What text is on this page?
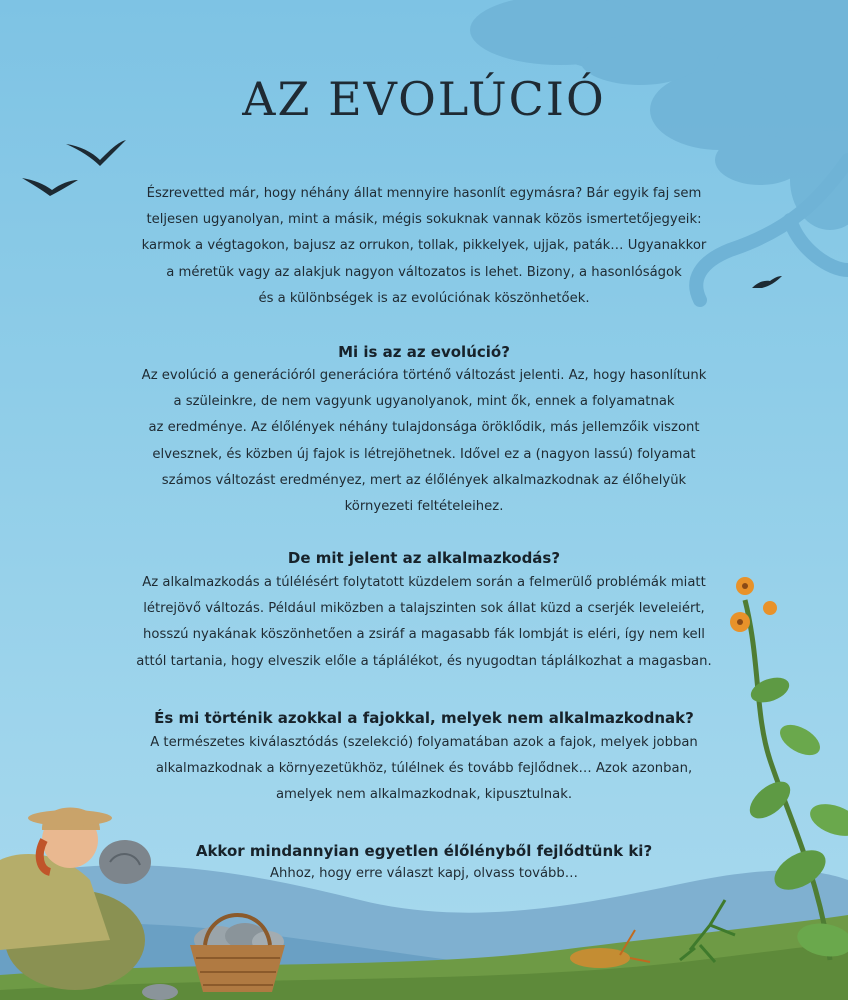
AZ EVOLÚCIÓ

Észrevetted már, hogy néhány állat mennyire hasonlít egymásra? Bár egyik faj sem
teljesen ugyanolyan, mint a másik, mégis sokuknak vannak közös ismertetőjegyeik:
karmok a végtagokon, bajusz az orrukon, tollak, pikkelyek, ujjak, paták… Ugyanakkor
a méretük vagy az alakjuk nagyon változatos is lehet. Bizony, a hasonlóságok
és a különbségek is az evolúciónak köszönhetőek.

Mi is az az evolúció?

Az evolúció a generációról generációra történő változást jelenti. Az, hogy hasonlítunk
a szüleinkre, de nem vagyunk ugyanolyanok, mint ők, ennek a folyamatnak
az eredménye. Az élőlények néhány tulajdonsága öröklődik, más jellemzőik viszont
elvesznek, és közben új fajok is létrejöhetnek. Idővel ez a (nagyon lassú) folyamat
számos változást eredményez, mert az élőlények alkalmazkodnak az élőhelyük
környezeti feltételeihez.

De mit jelent az alkalmazkodás?

Az alkalmazkodás a túlélésért folytatott küzdelem során a felmerülő problémák miatt
létrejövő változás. Például miközben a talajszinten sok állat küzd a cserjék leveleiért,
hosszú nyakának köszönhetően a zsiráf a magasabb fák lombját is eléri, így nem kell
attól tartania, hogy elveszik előle a táplálékot, és nyugodtan táplálkozhat a magasban.

És mi történik azokkal a fajokkal, melyek nem alkalmazkodnak?

A természetes kiválasztódás (szelekció) folyamatában azok a fajok, melyek jobban
alkalmazkodnak a környezetükhöz, túlélnek és tovább fejlődnek… Azok azonban,
amelyek nem alkalmazkodnak, kipusztulnak.

Akkor mindannyian egyetlen élőlényből fejlődtünk ki?

Ahhoz, hogy erre választ kapj, olvass tovább…
